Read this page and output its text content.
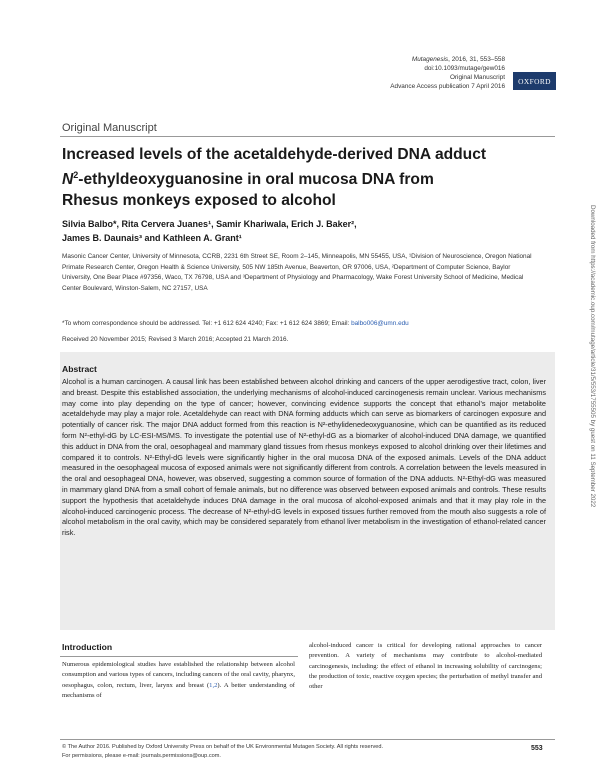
Mutagenesis, 2016, 31, 553–558
doi:10.1093/mutage/gew016
Original Manuscript
Advance Access publication 7 April 2016
OXFORD
Original Manuscript
Increased levels of the acetaldehyde-derived DNA adduct $N^2$-ethyldeoxyguanosine in oral mucosa DNA from Rhesus monkeys exposed to alcohol
Silvia Balbo*, Rita Cervera Juanes¹, Samir Khariwala, Erich J. Baker²,
James B. Daunais³ and Kathleen A. Grant¹
Masonic Cancer Center, University of Minnesota, CCRB, 2231 6th Street SE, Room 2–145, Minneapolis, MN 55455, USA, ¹Division of Neuroscience, Oregon National Primate Research Center, Oregon Health & Science University, 505 NW 185th Avenue, Beaverton, OR 97006, USA, ²Department of Computer Science, Baylor University, One Bear Place #97356, Waco, TX 76798, USA and ³Department of Physiology and Pharmacology, Wake Forest University School of Medicine, Medical Center Boulevard, Winston-Salem, NC 27157, USA
*To whom correspondence should be addressed. Tel: +1 612 624 4240; Fax: +1 612 624 3869; Email: balbo006@umn.edu
Received 20 November 2015; Revised 3 March 2016; Accepted 21 March 2016.
Abstract

Alcohol is a human carcinogen. A causal link has been established between alcohol drinking and cancers of the upper aerodigestive tract, colon, liver and breast. Despite this established association, the underlying mechanisms of alcohol-induced carcinogenesis remain unclear. Various mechanisms may come into play depending on the type of cancer; however, convincing evidence supports the concept that ethanol's major metabolite acetaldehyde may play a major role. Acetaldehyde can react with DNA forming adducts which can serve as biomarkers of carcinogen exposure and potentially of cancer risk. The major DNA adduct formed from this reaction is N²-ethylidenedeoxyguanosine, which can be quantified as its reduced form N²-ethyl-dG by LC-ESI-MS/MS. To investigate the potential use of N²-ethyl-dG as a biomarker of alcohol-induced DNA damage, we quantified this adduct in DNA from the oral, oesophageal and mammary gland tissues from rhesus monkeys exposed to alcohol drinking over their lifetimes and compared it to controls. N²-Ethyl-dG levels were significantly higher in the oral mucosa DNA of the exposed animals. Levels of the DNA adduct measured in the oesophageal mucosa of exposed animals were not significantly different from controls. A correlation between the levels measured in the oral and oesophageal DNA, however, was observed, suggesting a common source of formation of the DNA adducts. N²-Ethyl-dG was measured in mammary gland DNA from a small cohort of female animals, but no difference was observed between exposed animals and controls. These results support the hypothesis that acetaldehyde induces DNA damage in the oral mucosa of alcohol-exposed animals and that it may play role in the alcohol-induced carcinogenic process. The decrease of N²-ethyl-dG levels in exposed tissues further removed from the mouth also suggests a role of alcohol metabolism in the oral cavity, which may be considered separately from ethanol liver metabolism in the investigation of ethanol-related cancer risk.

Introduction

Numerous epidemiological studies have established the relationship between alcohol consumption and various types of cancers, including cancers of the oral cavity, pharynx, oesophagus, colon, rectum, liver, larynx and breast (1,2). A better understanding of mechanisms of

alcohol-induced cancer is critical for developing rational approaches to cancer prevention. A variety of mechanisms may contribute to alcohol-mediated carcinogenesis, including: the effect of ethanol in increasing solubility of carcinogens; the production of toxic, reactive oxygen species; the perturbation of methyl transfer and other

© The Author 2016. Published by Oxford University Press on behalf of the UK Environmental Mutagen Society. All rights reserved.
For permissions, please e-mail: journals.permissions@oup.com.
553
Downloaded from https://academic.oup.com/mutage/article/31/5/553/1755505 by guest on 11 September 2022
